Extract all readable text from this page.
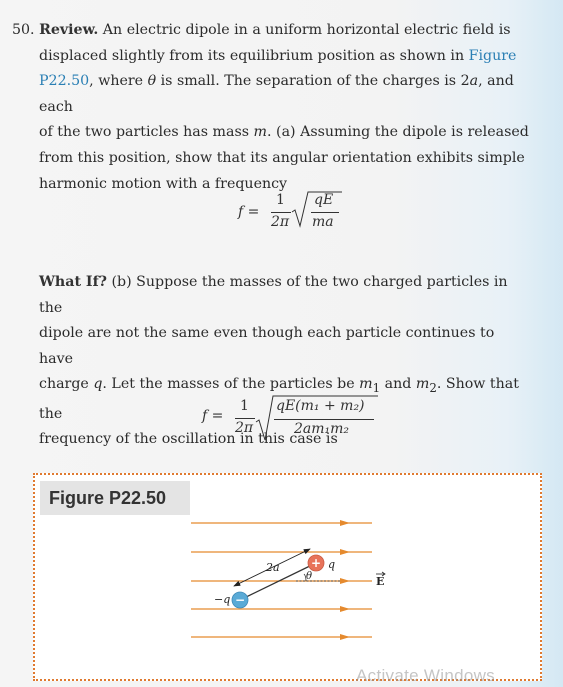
50. Review. An electric dipole in a uniform horizontal electric field is
displaced slightly from its equilibrium position as shown in Figure
P22.50, where θ is small. The separation of the charges is 2a, and each
of the two particles has mass m. (a) Assuming the dipole is released
from this position, show that its angular orientation exhibits simple
harmonic motion with a frequency
f =
1
2π
qE
ma
What If? (b) Suppose the masses of the two charged particles in the
dipole are not the same even though each particle continues to have
charge q. Let the masses of the particles be $m_1$ and $m_2$. Show that the
frequency of the oscillation in this case is
f =
1
2π
qE(m₁ + m₂)
2am₁m₂
Figure P22.50
+
−
2a
θ
q
−q
E
Activate Windows
